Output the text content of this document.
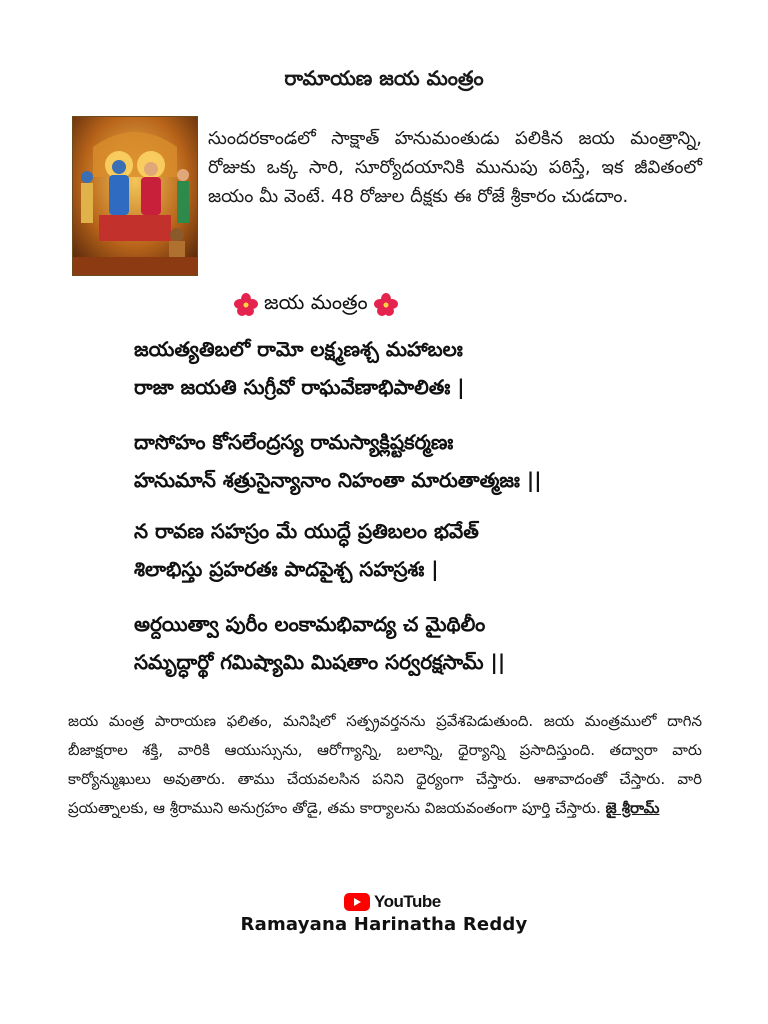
రామాయణ జయ మంత్రం
సుందరకాండలో సాక్షాత్ హనుమంతుడు పలికిన జయ మంత్రాన్ని, రోజుకు ఒక్క సారి, సూర్యోదయానికి మునుపు పఠిస్తే, ఇక జీవితంలో జయం మీ వెంటే. 48 రోజుల దీక్షకు ఈ రోజే శ్రీకారం చుడదాం.
జయ మంత్రం
జయత్యతిబలో రామో లక్ష్మణశ్చ మహాబలః
రాజా జయతి సుగ్రీవో రాఘవేణాభిపాలితః |
దాసోహం కోసలేంద్రస్య రామస్యాక్లిష్టకర్మణః
హనుమాన్ శత్రుసైన్యానాం నిహంతా మారుతాత్మజః ||
న రావణ సహస్రం మే యుద్ధే ప్రతిబలం భవేత్
శిలాభిస్తు ప్రహరతః పాదపైశ్చ సహస్రశః |
అర్దయిత్వా పురీం లంకామభివాద్య చ మైథిలీం
సమృద్ధార్థో గమిష్యామి మిషతాం సర్వరక్షసామ్ ||
జయ మంత్ర పారాయణ ఫలితం, మనిషిలో సత్ప్రవర్తనను ప్రవేశపెడుతుంది. జయ మంత్రములో దాగిన బీజాక్షరాల శక్తి, వారికి ఆయుస్సును, ఆరోగ్యాన్ని, బలాన్ని, ధైర్యాన్ని ప్రసాదిస్తుంది. తద్వారా వారు కార్యోన్ముఖులు అవుతారు. తాము చేయవలసిన పనిని ధైర్యంగా చేస్తారు. ఆశావాదంతో చేస్తారు. వారి ప్రయత్నాలకు, ఆ శ్రీరాముని అనుగ్రహం తోడై, తమ కార్యాలను విజయవంతంగా పూర్తి చేస్తారు. జై శ్రీరామ్
YouTube
Ramayana Harinatha Reddy
